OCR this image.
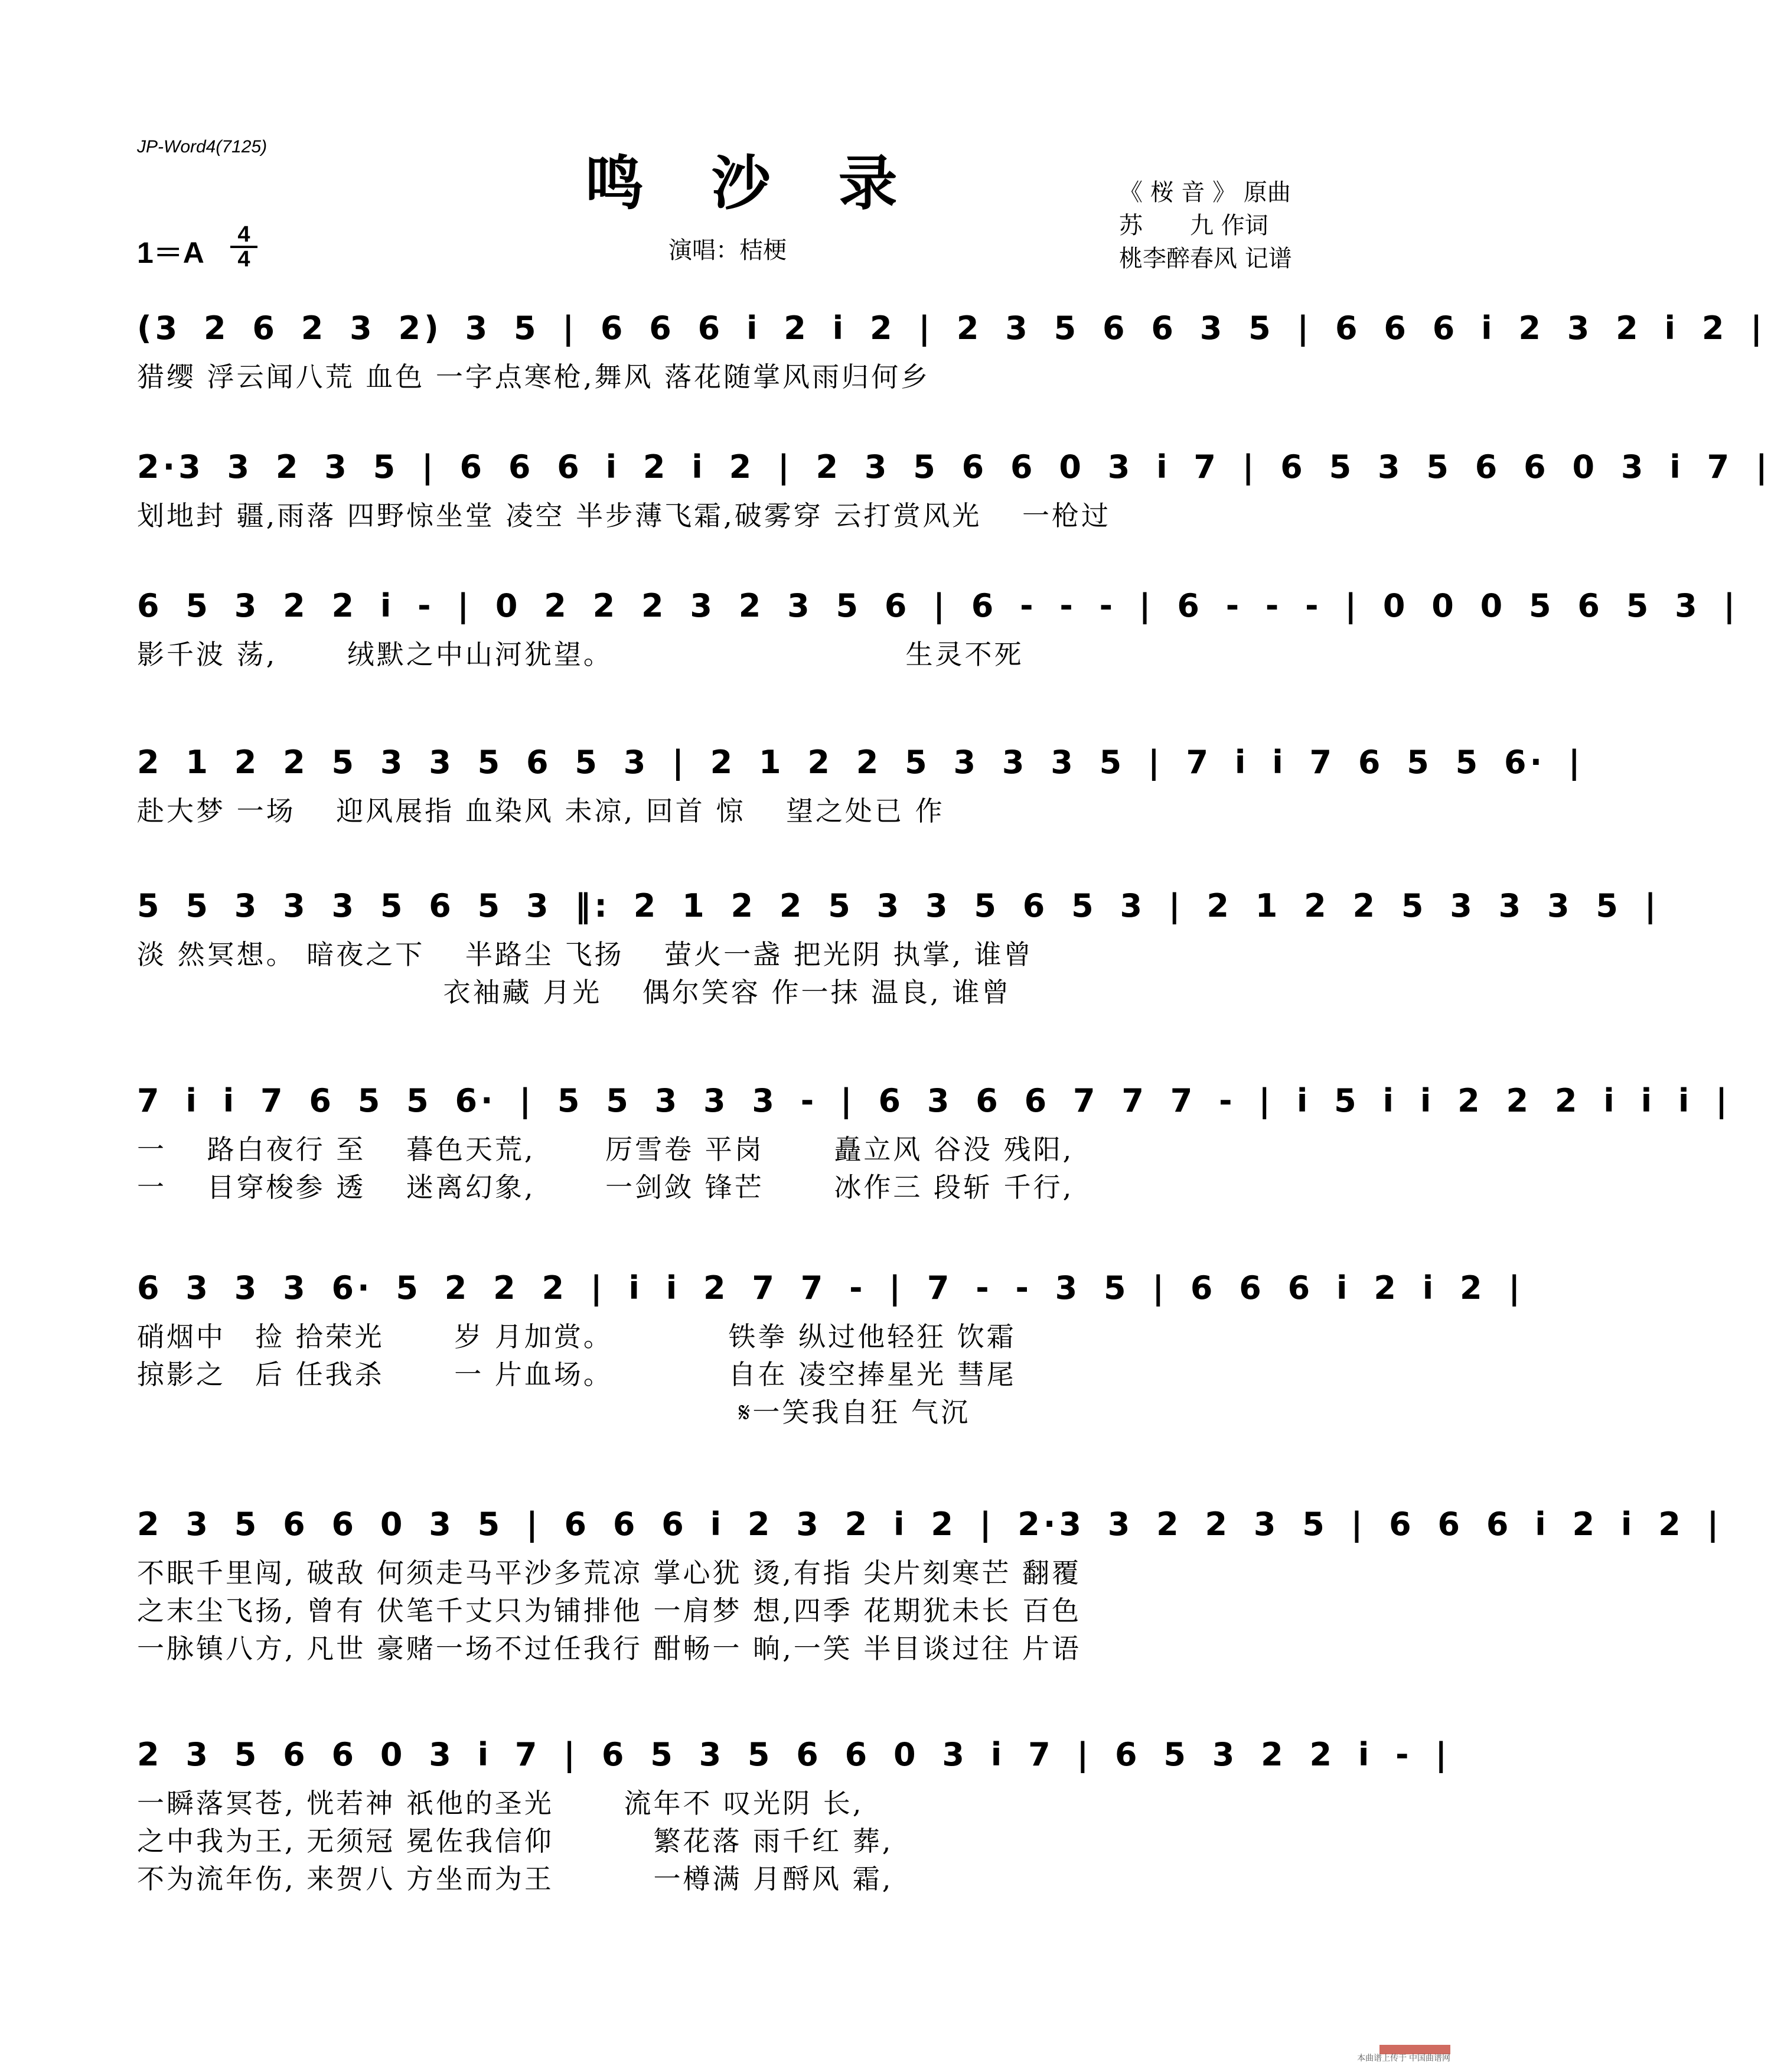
JP-Word4(7125)
鸣 沙 录	《 桜 音 》 原曲
苏　　九 作词
桃李醉春风 记谱
1＝A
4
4	演唱：桔梗
(3 2 6 2 3 2) 3 5 | 6 6 6 i 2 i 2 | 2 3 5 6 6 3 5 | 6 6 6 i 2 3 2 i 2 |
猎缨 浮云闻八荒 血色 一字点寒枪,舞风 落花随掌风雨归何乡
2·3 3 2 3 5 | 6 6 6 i 2 i 2 | 2 3 5 6 6 0 3 i 7 | 6 5 3 5 6 6 0 3 i 7 |
划地封 疆,雨落 四野惊坐堂 凌空 半步薄飞霜,破雾穿 云打赏风光　 一枪过
6 5 3 2 2 i - | 0 2 2 2 3 2 3 5 6 | 6 - - - | 6 - - - | 0 0 0 5 6 5 3 |
影千波 荡,　　 绒默之中山河犹望。　　　　　　　　　　 生灵不死
2 1 2 2 5 3 3 5 6 5 3 | 2 1 2 2 5 3 3 3 5 | 7 i i 7 6 5 5 6· |
赴大梦 一场　 迎风展指 血染风 未凉, 回首 惊　 望之处已 作
5 5 3 3 3 5 6 5 3 ‖: 2 1 2 2 5 3 3 5 6 5 3 | 2 1 2 2 5 3 3 3 5 |
淡 然冥想。 暗夜之下　 半路尘 飞扬　 萤火一盏 把光阴 执掌, 谁曾
　　　　　　　　　　 衣袖藏 月光　 偶尔笑容 作一抹 温良, 谁曾
7 i i 7 6 5 5 6· | 5 5 3 3 3 - | 6 3 6 6 7 7 7 - | i 5 i i 2 2 2 i i i |
一　 路白夜行 至　 暮色天荒,　　 厉雪卷 平岗　　 矗立风 谷没 残阳,
一　 目穿梭参 透　 迷离幻象,　　 一剑敛 锋芒　　 冰作三 段斩 千行,
6 3 3 3 6· 5 2 2 2 | i i 2 7 7 - | 7 - - 3 5 | 6 6 6 i 2 i 2 |
硝烟中　捡 拾荣光　　 岁 月加赏。　　　　 铁拳 纵过他轻狂 饮霜
掠影之　后 任我杀　　 一 片血场。　　　　 自在 凌空捧星光 彗尾
　　　　　　　　　　　　　　　　　　　　 𝄋一笑我自狂 气沉
2 3 5 6 6 0 3 5 | 6 6 6 i 2 3 2 i 2 | 2·3 3 2 2 3 5 | 6 6 6 i 2 i 2 |
不眠千里闯, 破敌 何须走马平沙多荒凉 掌心犹 烫,有指 尖片刻寒芒 翻覆
之末尘飞扬, 曾有 伏笔千丈只为铺排他 一肩梦 想,四季 花期犹未长 百色
一脉镇八方, 凡世 豪赌一场不过任我行 酣畅一 晌,一笑 半目谈过往 片语
2 3 5 6 6 0 3 i 7 | 6 5 3 5 6 6 0 3 i 7 | 6 5 3 2 2 i - |
一瞬落冥苍, 恍若神 祇他的圣光　　 流年不 叹光阴 长,
之中我为王, 无须冠 冕佐我信仰　　　 繁花落 雨千红 葬,
不为流年伤, 来贺八 方坐而为王　　　 一樽满 月酹风 霜,
本曲谱上传于 中国曲谱网
